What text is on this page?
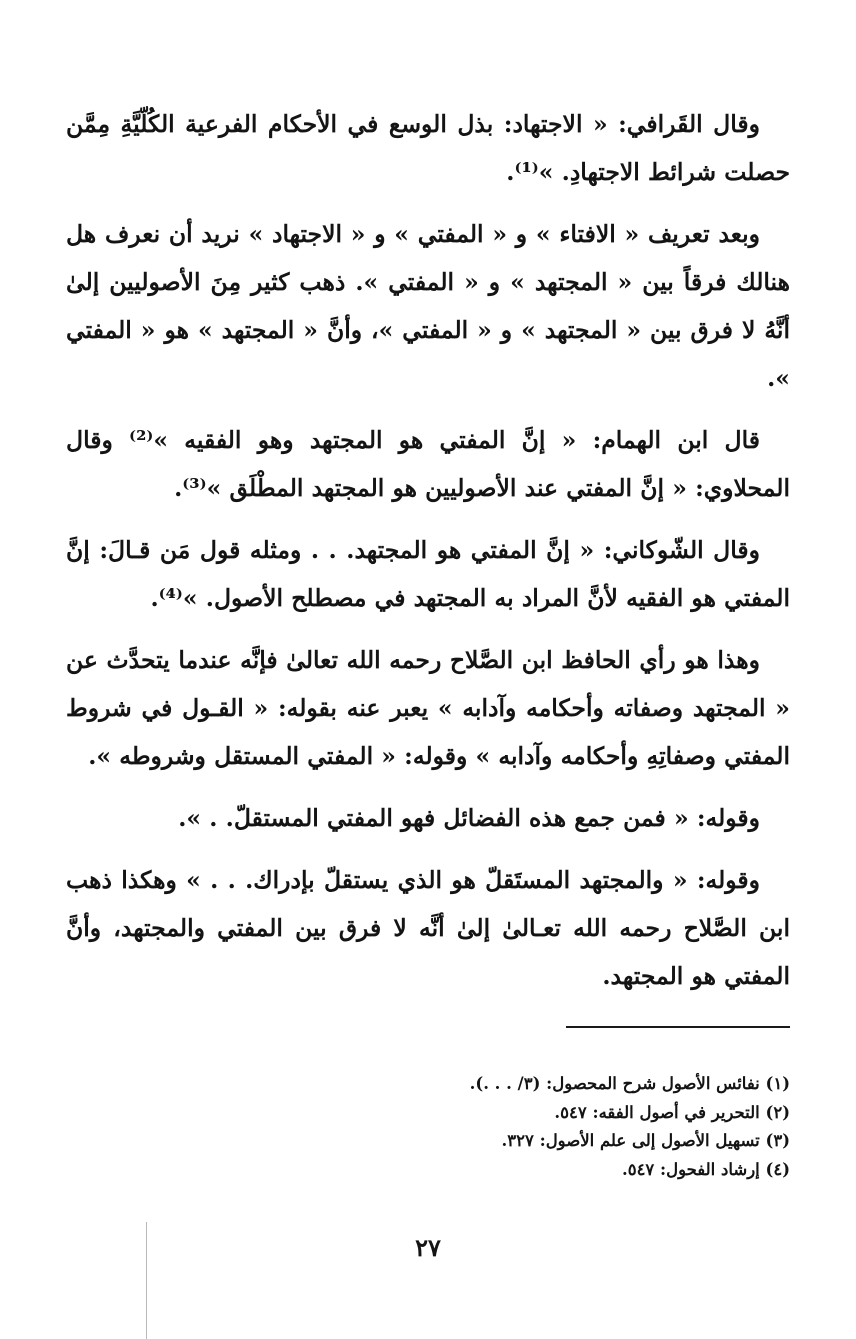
وقال القَرافي: « الاجتهاد: بذل الوسع في الأحكام الفرعية الكُلّيَّةِ مِمَّن حصلت شرائط الاجتهادِ. »⁽¹⁾.

وبعد تعريف « الافتاء » و « المفتي » و « الاجتهاد » نريد أن نعرف هل هنالك فرقاً بين « المجتهد » و « المفتي ». ذهب كثير مِنَ الأصوليين إلىٰ أنَّهُ لا فرق بين « المجتهد » و « المفتي »، وأنَّ « المجتهد » هو « المفتي ».

قال ابن الهمام: « إنَّ المفتي هو المجتهد وهو الفقيه »⁽²⁾ وقال المحلاوي: « إنَّ المفتي عند الأصوليين هو المجتهد المطْلَق »⁽³⁾.

وقال الشّوكاني: « إنَّ المفتي هو المجتهد. . . ومثله قول مَن قـالَ: إنَّ المفتي هو الفقيه لأنَّ المراد به المجتهد في مصطلح الأصول. »⁽⁴⁾.

وهذا هو رأي الحافظ ابن الصَّلاح رحمه الله تعالىٰ فإنَّه عندما يتحدَّث عن « المجتهد وصفاته وأحكامه وآدابه » يعبر عنه بقوله: « القـول في شروط المفتي وصفاتِهِ وأحكامه وآدابه » وقوله: « المفتي المستقل وشروطه ».

وقوله: « فمن جمع هذه الفضائل فهو المفتي المستقلّ. . ».

وقوله: « والمجتهد المستَقلّ هو الذي يستقلّ بإدراك. . . » وهكذا ذهب ابن الصَّلاح رحمه الله تعـالىٰ إلىٰ أنَّه لا فرق بين المفتي والمجتهد، وأنَّ المفتي هو المجتهد.

(١) نفائس الأصول شرح المحصول: (٣/ . . .).

(٢) التحرير في أصول الفقه: ٥٤٧.

(٣) تسهيل الأصول إلى علم الأصول: ٣٢٧.

(٤) إرشاد الفحول: ٥٤٧.

٢٧
